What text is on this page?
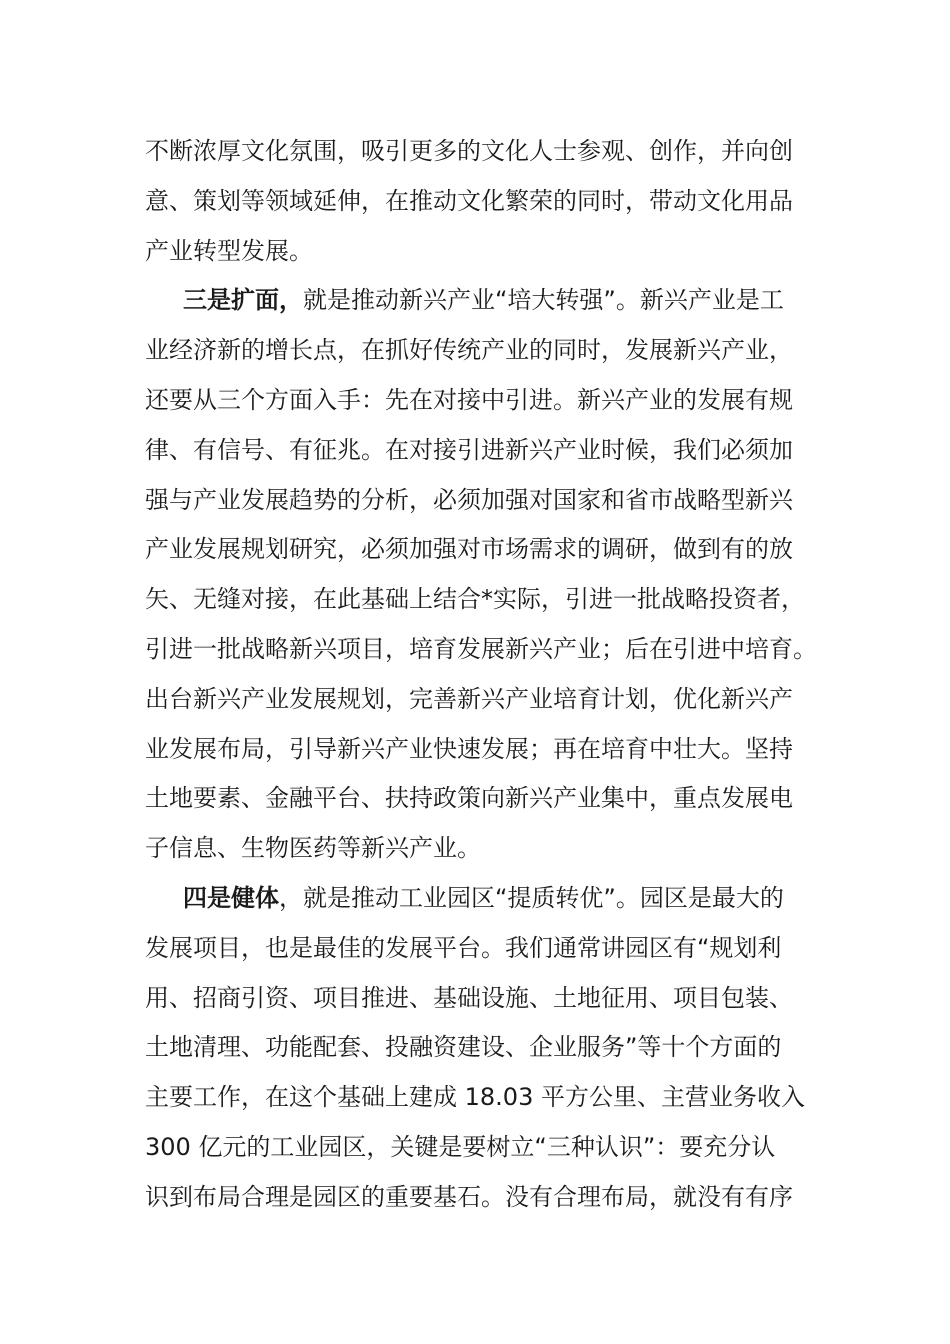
不断浓厚文化氛围，吸引更多的文化人士参观、创作，并向创
意、策划等领域延伸，在推动文化繁荣的同时，带动文化用品
产业转型发展。
三是扩面，就是推动新兴产业“培大转强”。新兴产业是工
业经济新的增长点，在抓好传统产业的同时，发展新兴产业，
还要从三个方面入手：先在对接中引进。新兴产业的发展有规
律、有信号、有征兆。在对接引进新兴产业时候，我们必须加
强与产业发展趋势的分析，必须加强对国家和省市战略型新兴
产业发展规划研究，必须加强对市场需求的调研，做到有的放
矢、无缝对接，在此基础上结合*实际，引进一批战略投资者，
引进一批战略新兴项目，培育发展新兴产业；后在引进中培育。
出台新兴产业发展规划，完善新兴产业培育计划，优化新兴产
业发展布局，引导新兴产业快速发展；再在培育中壮大。坚持
土地要素、金融平台、扶持政策向新兴产业集中，重点发展电
子信息、生物医药等新兴产业。
四是健体，就是推动工业园区“提质转优”。园区是最大的
发展项目，也是最佳的发展平台。我们通常讲园区有“规划利
用、招商引资、项目推进、基础设施、土地征用、项目包装、
土地清理、功能配套、投融资建设、企业服务”等十个方面的
主要工作，在这个基础上建成 18.03 平方公里、主营业务收入
300 亿元的工业园区，关键是要树立“三种认识”：要充分认
识到布局合理是园区的重要基石。没有合理布局，就没有有序
